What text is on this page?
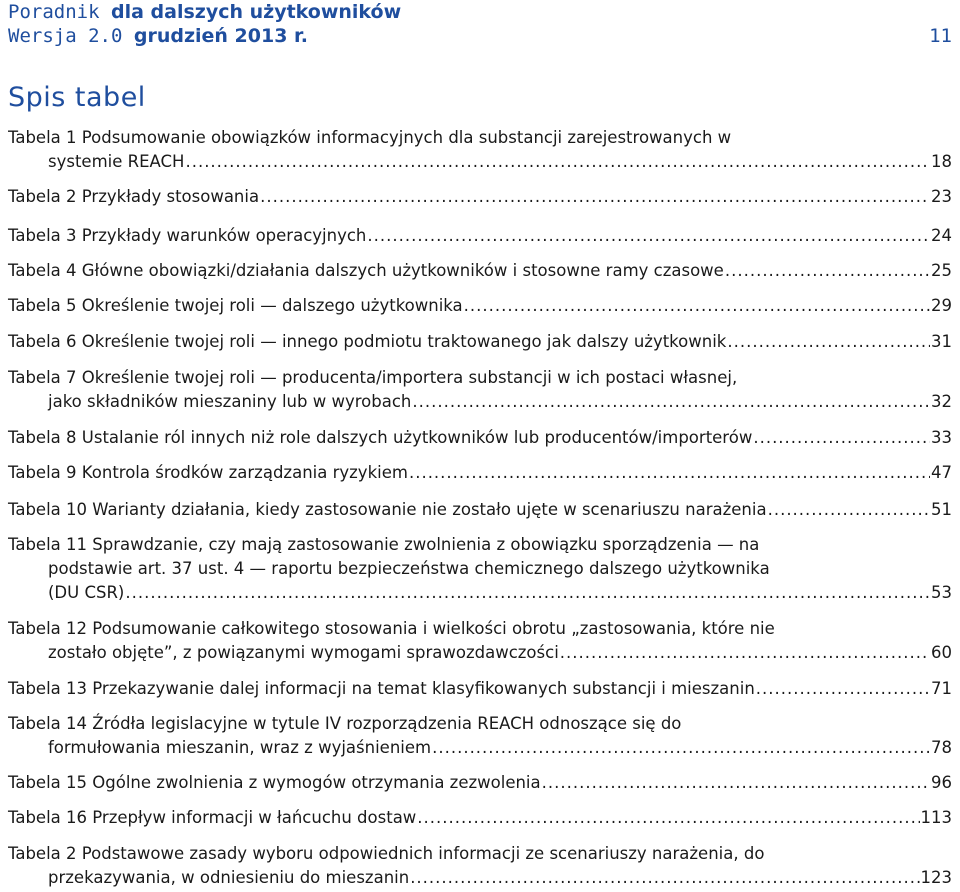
Poradnik dla dalszych użytkowników
Wersja 2.0 grudzień 2013 r.	11
Spis tabel
Tabela 1 Podsumowanie obowiązków informacyjnych dla substancji zarejestrowanych w
systemie REACH .....	18
Tabela 2 Przykłady stosowania .....	23
Tabela 3 Przykłady warunków operacyjnych .....	24
Tabela 4 Główne obowiązki/działania dalszych użytkowników i stosowne ramy czasowe .....	25
Tabela 5 Określenie twojej roli — dalszego użytkownika .....	29
Tabela 6 Określenie twojej roli — innego podmiotu traktowanego jak dalszy użytkownik .....	31
Tabela 7 Określenie twojej roli — producenta/importera substancji w ich postaci własnej,
jako składników mieszaniny lub w wyrobach .....	32
Tabela 8 Ustalanie ról innych niż role dalszych użytkowników lub producentów/importerów .....	33
Tabela 9 Kontrola środków zarządzania ryzykiem .....	47
Tabela 10 Warianty działania, kiedy zastosowanie nie zostało ujęte w scenariuszu narażenia .....	51
Tabela 11 Sprawdzanie, czy mają zastosowanie zwolnienia z obowiązku sporządzenia — na
podstawie art. 37 ust. 4 — raportu bezpieczeństwa chemicznego dalszego użytkownika
(DU CSR) .....	53
Tabela 12 Podsumowanie całkowitego stosowania i wielkości obrotu „zastosowania, które nie
zostało objęte”, z powiązanymi wymogami sprawozdawczości .....	60
Tabela 13 Przekazywanie dalej informacji na temat klasyfikowanych substancji i mieszanin .....	71
Tabela 14 Źródła legislacyjne w tytule IV rozporządzenia REACH odnoszące się do
formułowania mieszanin, wraz z wyjaśnieniem .....	78
Tabela 15 Ogólne zwolnienia z wymogów otrzymania zezwolenia .....	96
Tabela 16 Przepływ informacji w łańcuchu dostaw .....	113
Tabela 2 Podstawowe zasady wyboru odpowiednich informacji ze scenariuszy narażenia, do
przekazywania, w odniesieniu do mieszanin .....	123
